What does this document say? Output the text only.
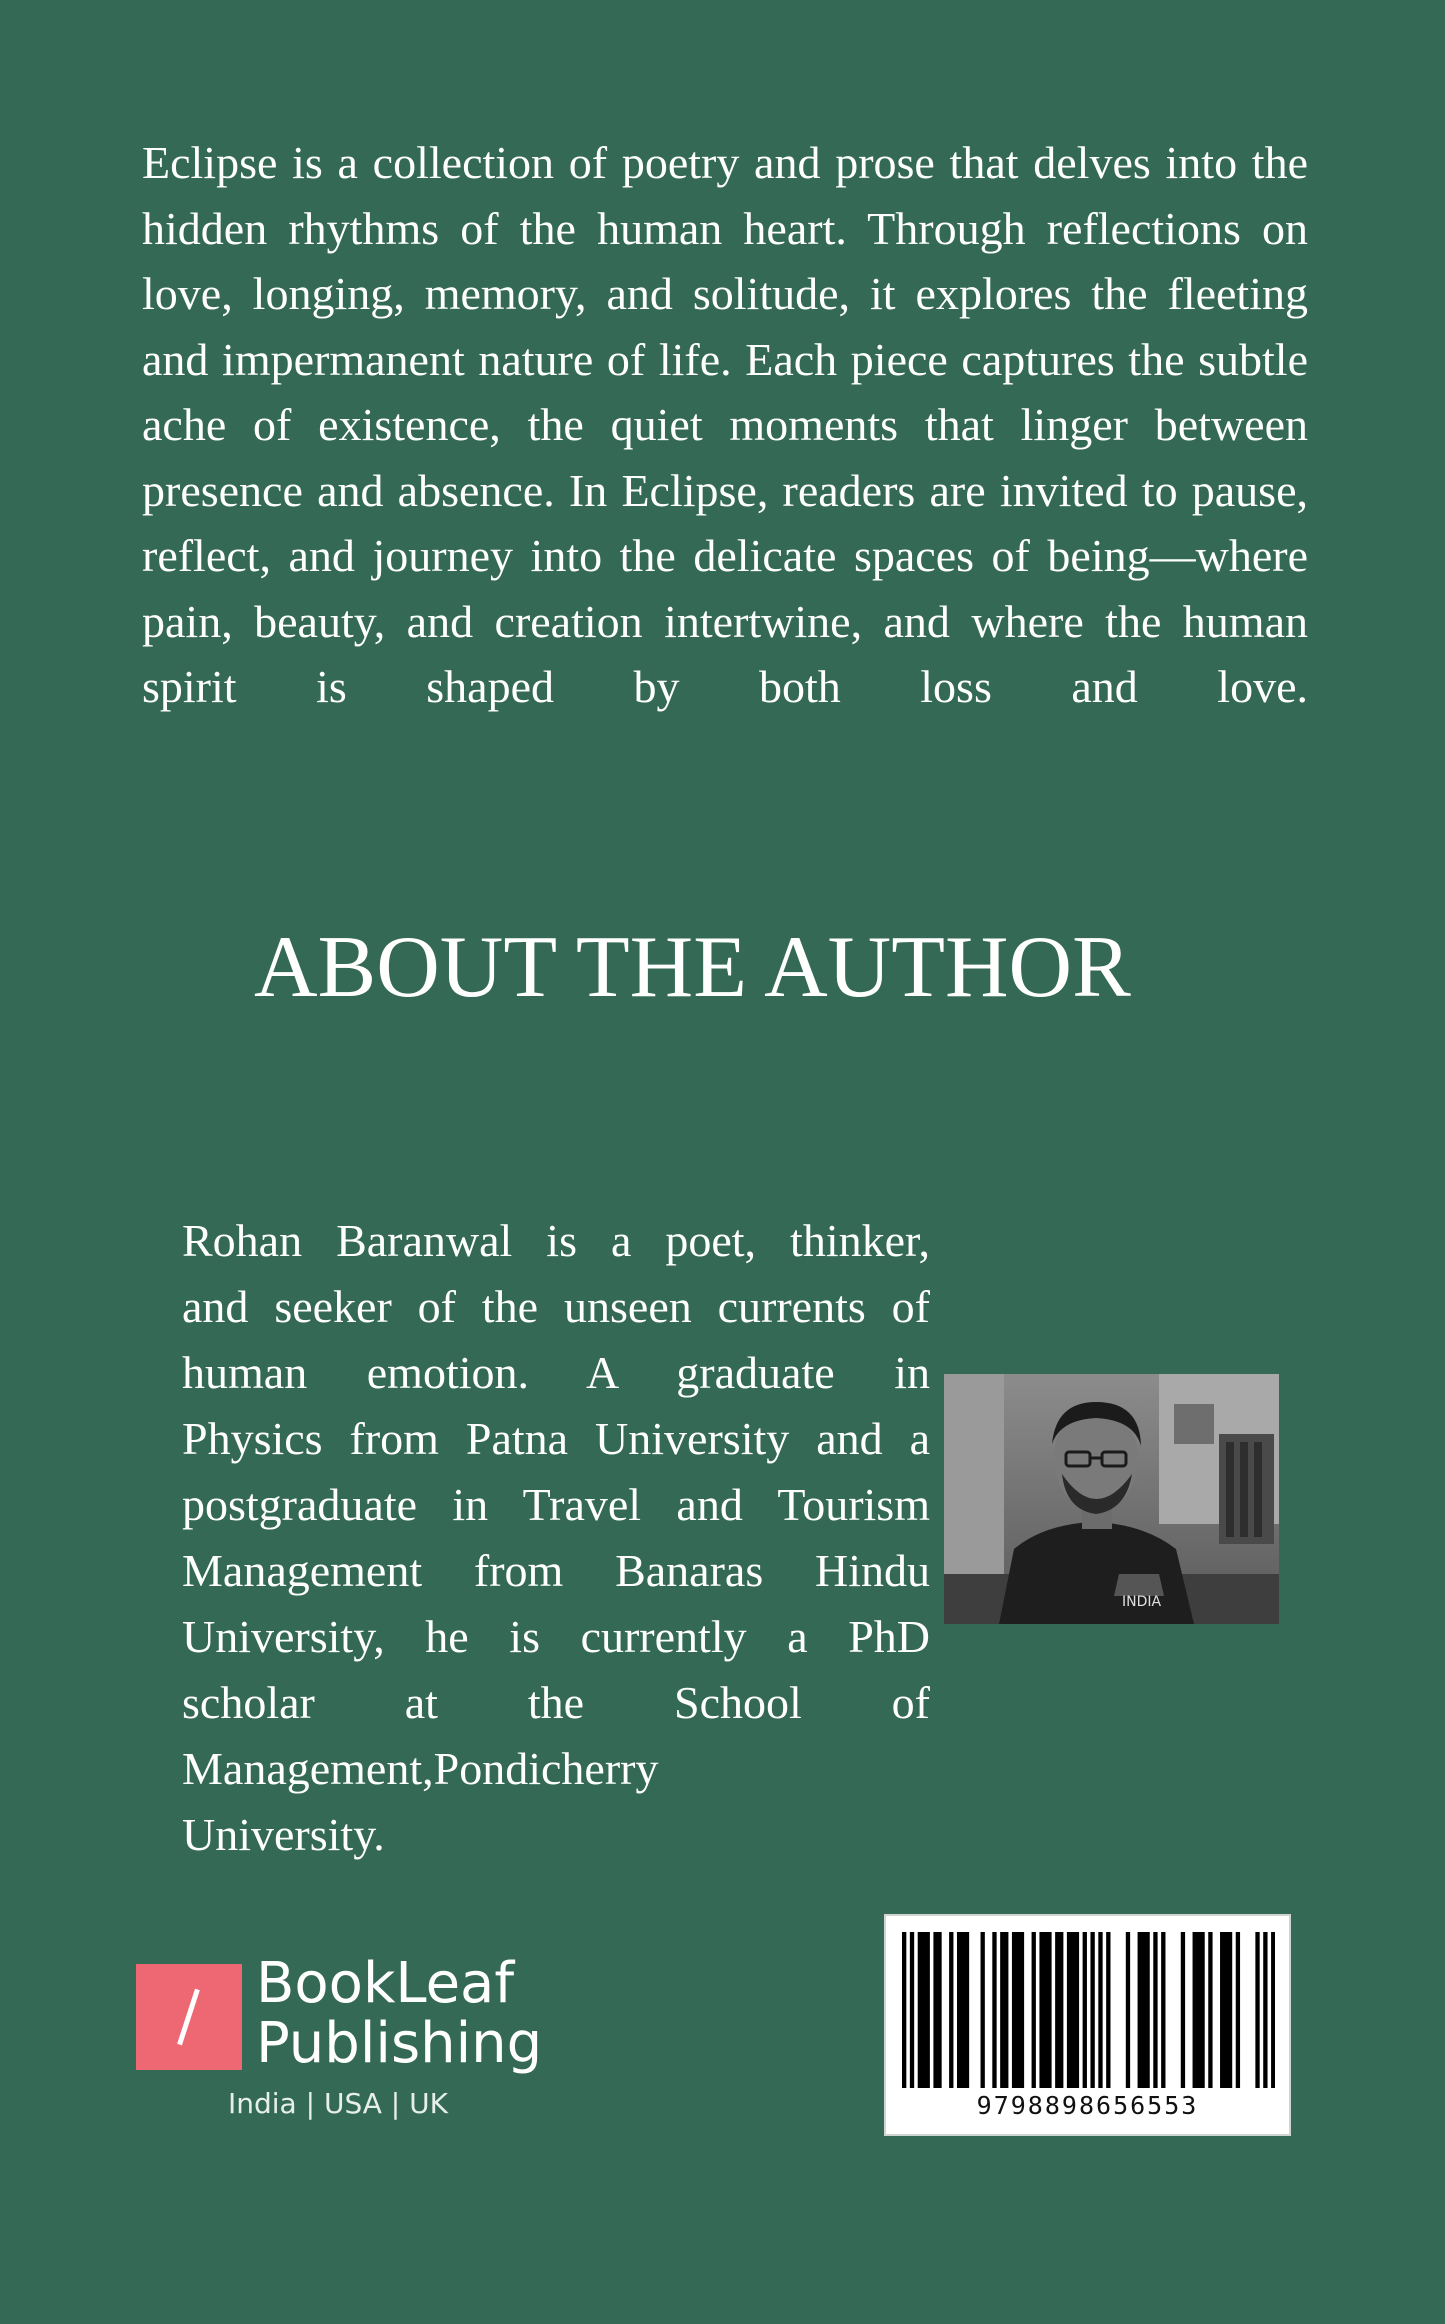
Eclipse is a collection of poetry and prose that delves into the hidden rhythms of the human heart. Through reflections on love, longing, memory, and solitude, it explores the fleeting and impermanent nature of life. Each piece captures the subtle ache of existence, the quiet moments that linger between presence and absence. In Eclipse, readers are invited to pause, reflect, and journey into the delicate spaces of being—where pain, beauty, and creation intertwine, and where the human spirit is shaped by both loss and love.

ABOUT THE AUTHOR
Rohan Baranwal is a poet, thinker,
and seeker of the unseen currents of
human emotion. A graduate in
Physics from Patna University and a
postgraduate in Travel and Tourism
Management from Banaras Hindu
University, he is currently a PhD
scholar at the School of
Management,Pondicherry
University.
INDIA
BookLeaf
Publishing
India | USA | UK	9798898656553
